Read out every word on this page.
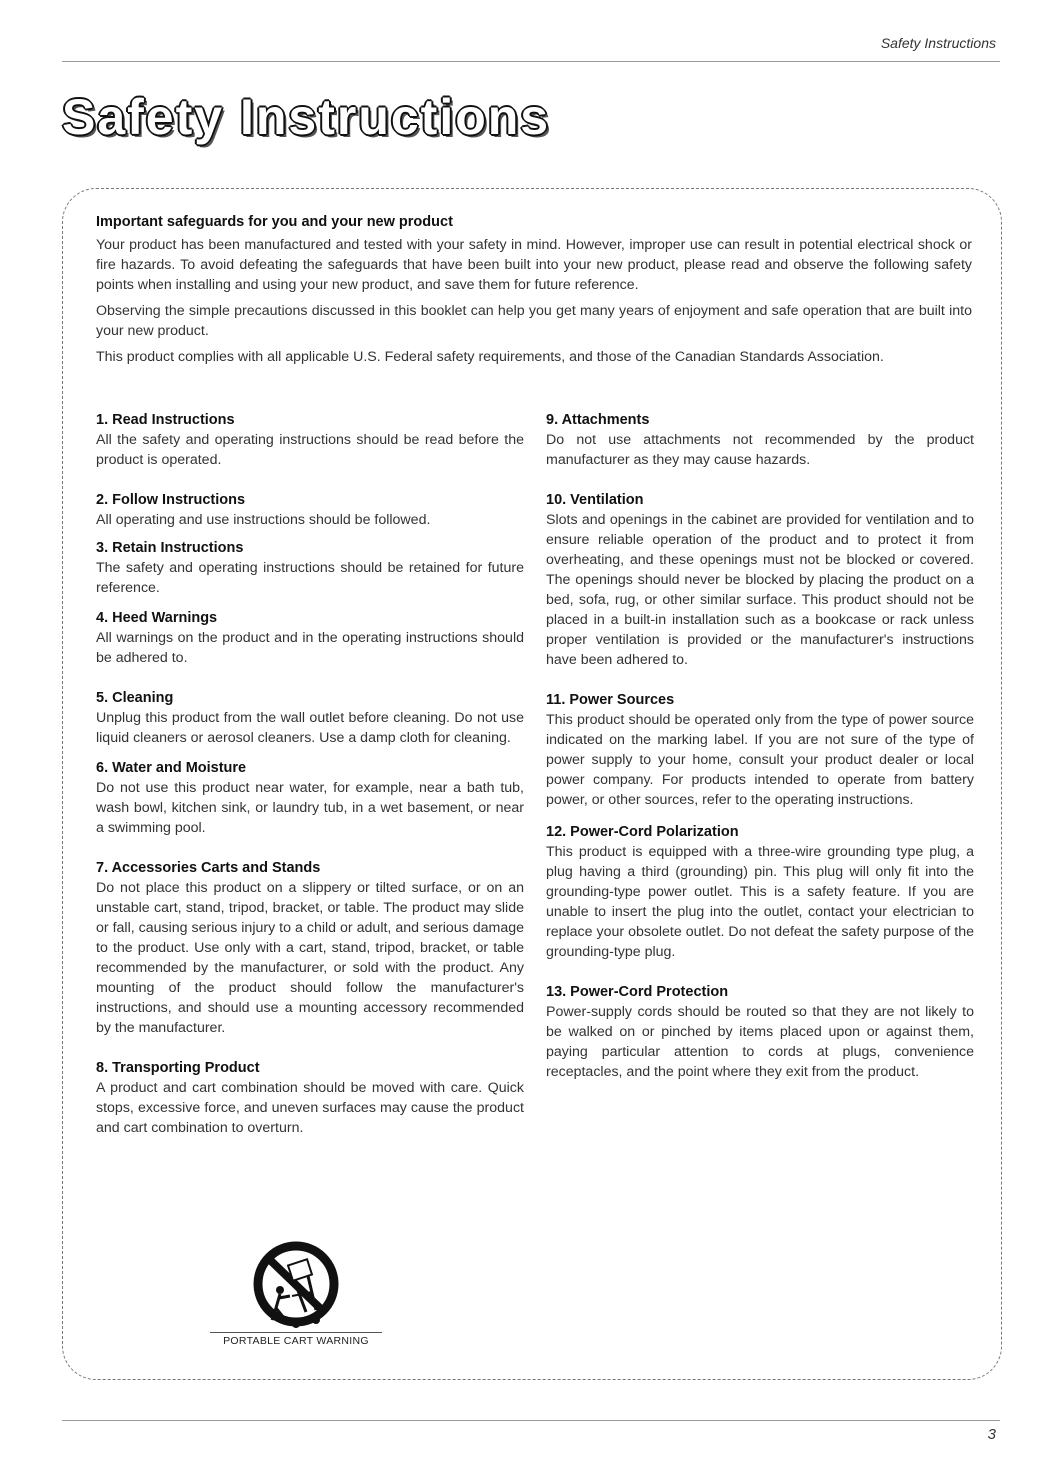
Safety Instructions
Safety Instructions
Important safeguards for you and your new product

Your product has been manufactured and tested with your safety in mind. However, improper use can result in potential electrical shock or fire hazards. To avoid defeating the safeguards that have been built into your new product, please read and observe the following safety points when installing and using your new product, and save them for future reference.

Observing the simple precautions discussed in this booklet can help you get many years of enjoyment and safe operation that are built into your new product.

This product complies with all applicable U.S. Federal safety requirements, and those of the Canadian Standards Association.

1. Read Instructions

All the safety and operating instructions should be read before the product is operated.

2. Follow Instructions

All operating and use instructions should be followed.

3. Retain Instructions

The safety and operating instructions should be retained for future reference.

4. Heed Warnings

All warnings on the product and in the operating instructions should be adhered to.

5. Cleaning

Unplug this product from the wall outlet before cleaning. Do not use liquid cleaners or aerosol cleaners. Use a damp cloth for cleaning.

6. Water and Moisture

Do not use this product near water, for example, near a bath tub, wash bowl, kitchen sink, or laundry tub, in a wet basement, or near a swimming pool.

7. Accessories Carts and Stands

Do not place this product on a slippery or tilted surface, or on an unstable cart, stand, tripod, bracket, or table. The product may slide or fall, causing serious injury to a child or adult, and serious damage to the product. Use only with a cart, stand, tripod, bracket, or table recommended by the manufacturer, or sold with the product. Any mounting of the product should follow the manufacturer's instructions, and should use a mounting accessory recommended by the manufacturer.

8. Transporting Product

A product and cart combination should be moved with care. Quick stops, excessive force, and uneven surfaces may cause the product and cart combination to overturn.

9. Attachments

Do not use attachments not recommended by the product manufacturer as they may cause hazards.

10. Ventilation

Slots and openings in the cabinet are provided for ventilation and to ensure reliable operation of the product and to protect it from overheating, and these openings must not be blocked or covered. The openings should never be blocked by placing the product on a bed, sofa, rug, or other similar surface. This product should not be placed in a built-in installation such as a bookcase or rack unless proper ventilation is provided or the manufacturer's instructions have been adhered to.

11. Power Sources

This product should be operated only from the type of power source indicated on the marking label. If you are not sure of the type of power supply to your home, consult your product dealer or local power company. For products intended to operate from battery power, or other sources, refer to the operating instructions.

12. Power-Cord Polarization

This product is equipped with a three-wire grounding type plug, a plug having a third (grounding) pin. This plug will only fit into the grounding-type power outlet. This is a safety feature. If you are unable to insert the plug into the outlet, contact your electrician to replace your obsolete outlet. Do not defeat the safety purpose of the grounding-type plug.

13. Power-Cord Protection

Power-supply cords should be routed so that they are not likely to be walked on or pinched by items placed upon or against them, paying particular attention to cords at plugs, convenience receptacles, and the point where they exit from the product.

PORTABLE CART WARNING
3
